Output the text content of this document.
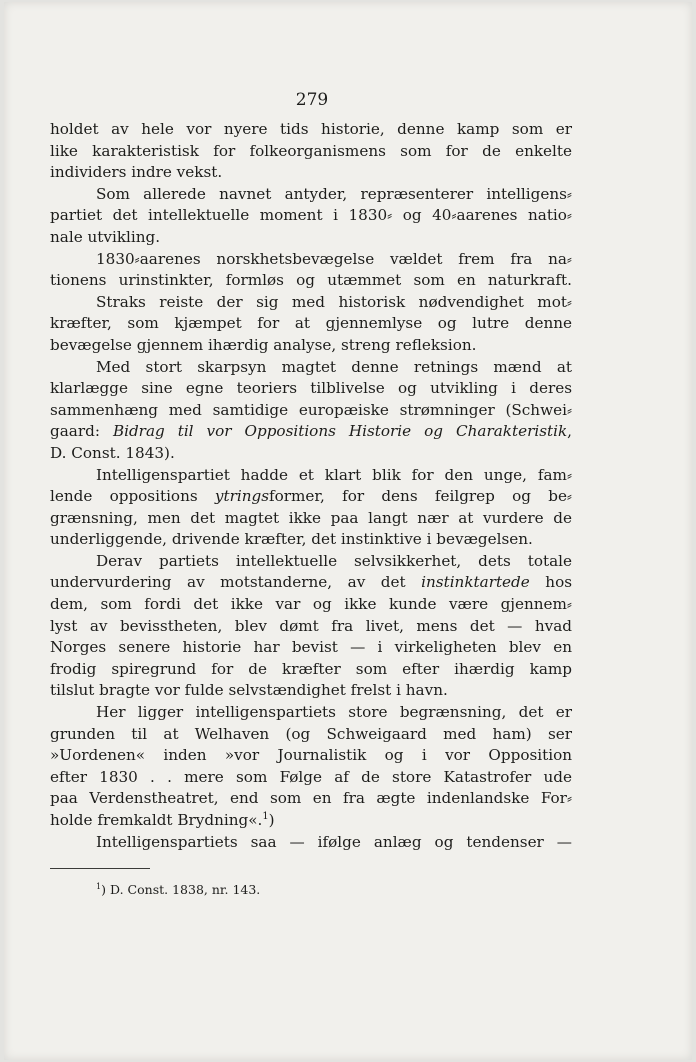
279
holdet av hele vor nyere tids historie, denne kamp som er
like karakteristisk for folkeorganismens som for de enkelte
individers indre vekst.
Som allerede navnet antyder, repræsenterer intelligens⸗
partiet det intellektuelle moment i 1830⸗ og 40⸗aarenes natio⸗
nale utvikling.
1830⸗aarenes norskhetsbevægelse vældet frem fra na⸗
tionens urinstinkter, formløs og utæmmet som en naturkraft.
Straks reiste der sig med historisk nødvendighet mot⸗
kræfter, som kjæmpet for at gjennemlyse og lutre denne
bevægelse gjennem ihærdig analyse, streng refleksion.
Med stort skarpsyn magtet denne retnings mænd at
klarlægge sine egne teoriers tilblivelse og utvikling i deres
sammenhæng med samtidige europæiske strømninger (Schwei⸗
gaard: Bidrag til vor Oppositions Historie og Charakteristik,
D. Const. 1843).
Intelligenspartiet hadde et klart blik for den unge, fam⸗
lende oppositions ytringsformer, for dens feilgrep og be⸗
grænsning, men det magtet ikke paa langt nær at vurdere de
underliggende, drivende kræfter, det instinktive i bevægelsen.
Derav partiets intellektuelle selvsikkerhet, dets totale
undervurdering av motstanderne, av det instinktartede hos
dem, som fordi det ikke var og ikke kunde være gjennem⸗
lyst av bevisstheten, blev dømt fra livet, mens det — hvad
Norges senere historie har bevist — i virkeligheten blev en
frodig spiregrund for de kræfter som efter ihærdig kamp
tilslut bragte vor fulde selvstændighet frelst i havn.
Her ligger intelligenspartiets store begrænsning, det er
grunden til at Welhaven (og Schweigaard med ham) ser
»Uordenen« inden »vor Journalistik og i vor Opposition
efter 1830 . . mere som Følge af de store Katastrofer ude
paa Verdenstheatret, end som en fra ægte indenlandske For⸗
holde fremkaldt Brydning«.$^1$)
Intelligenspartiets saa — ifølge anlæg og tendenser —
$^1$) D. Const. 1838, nr. 143.
